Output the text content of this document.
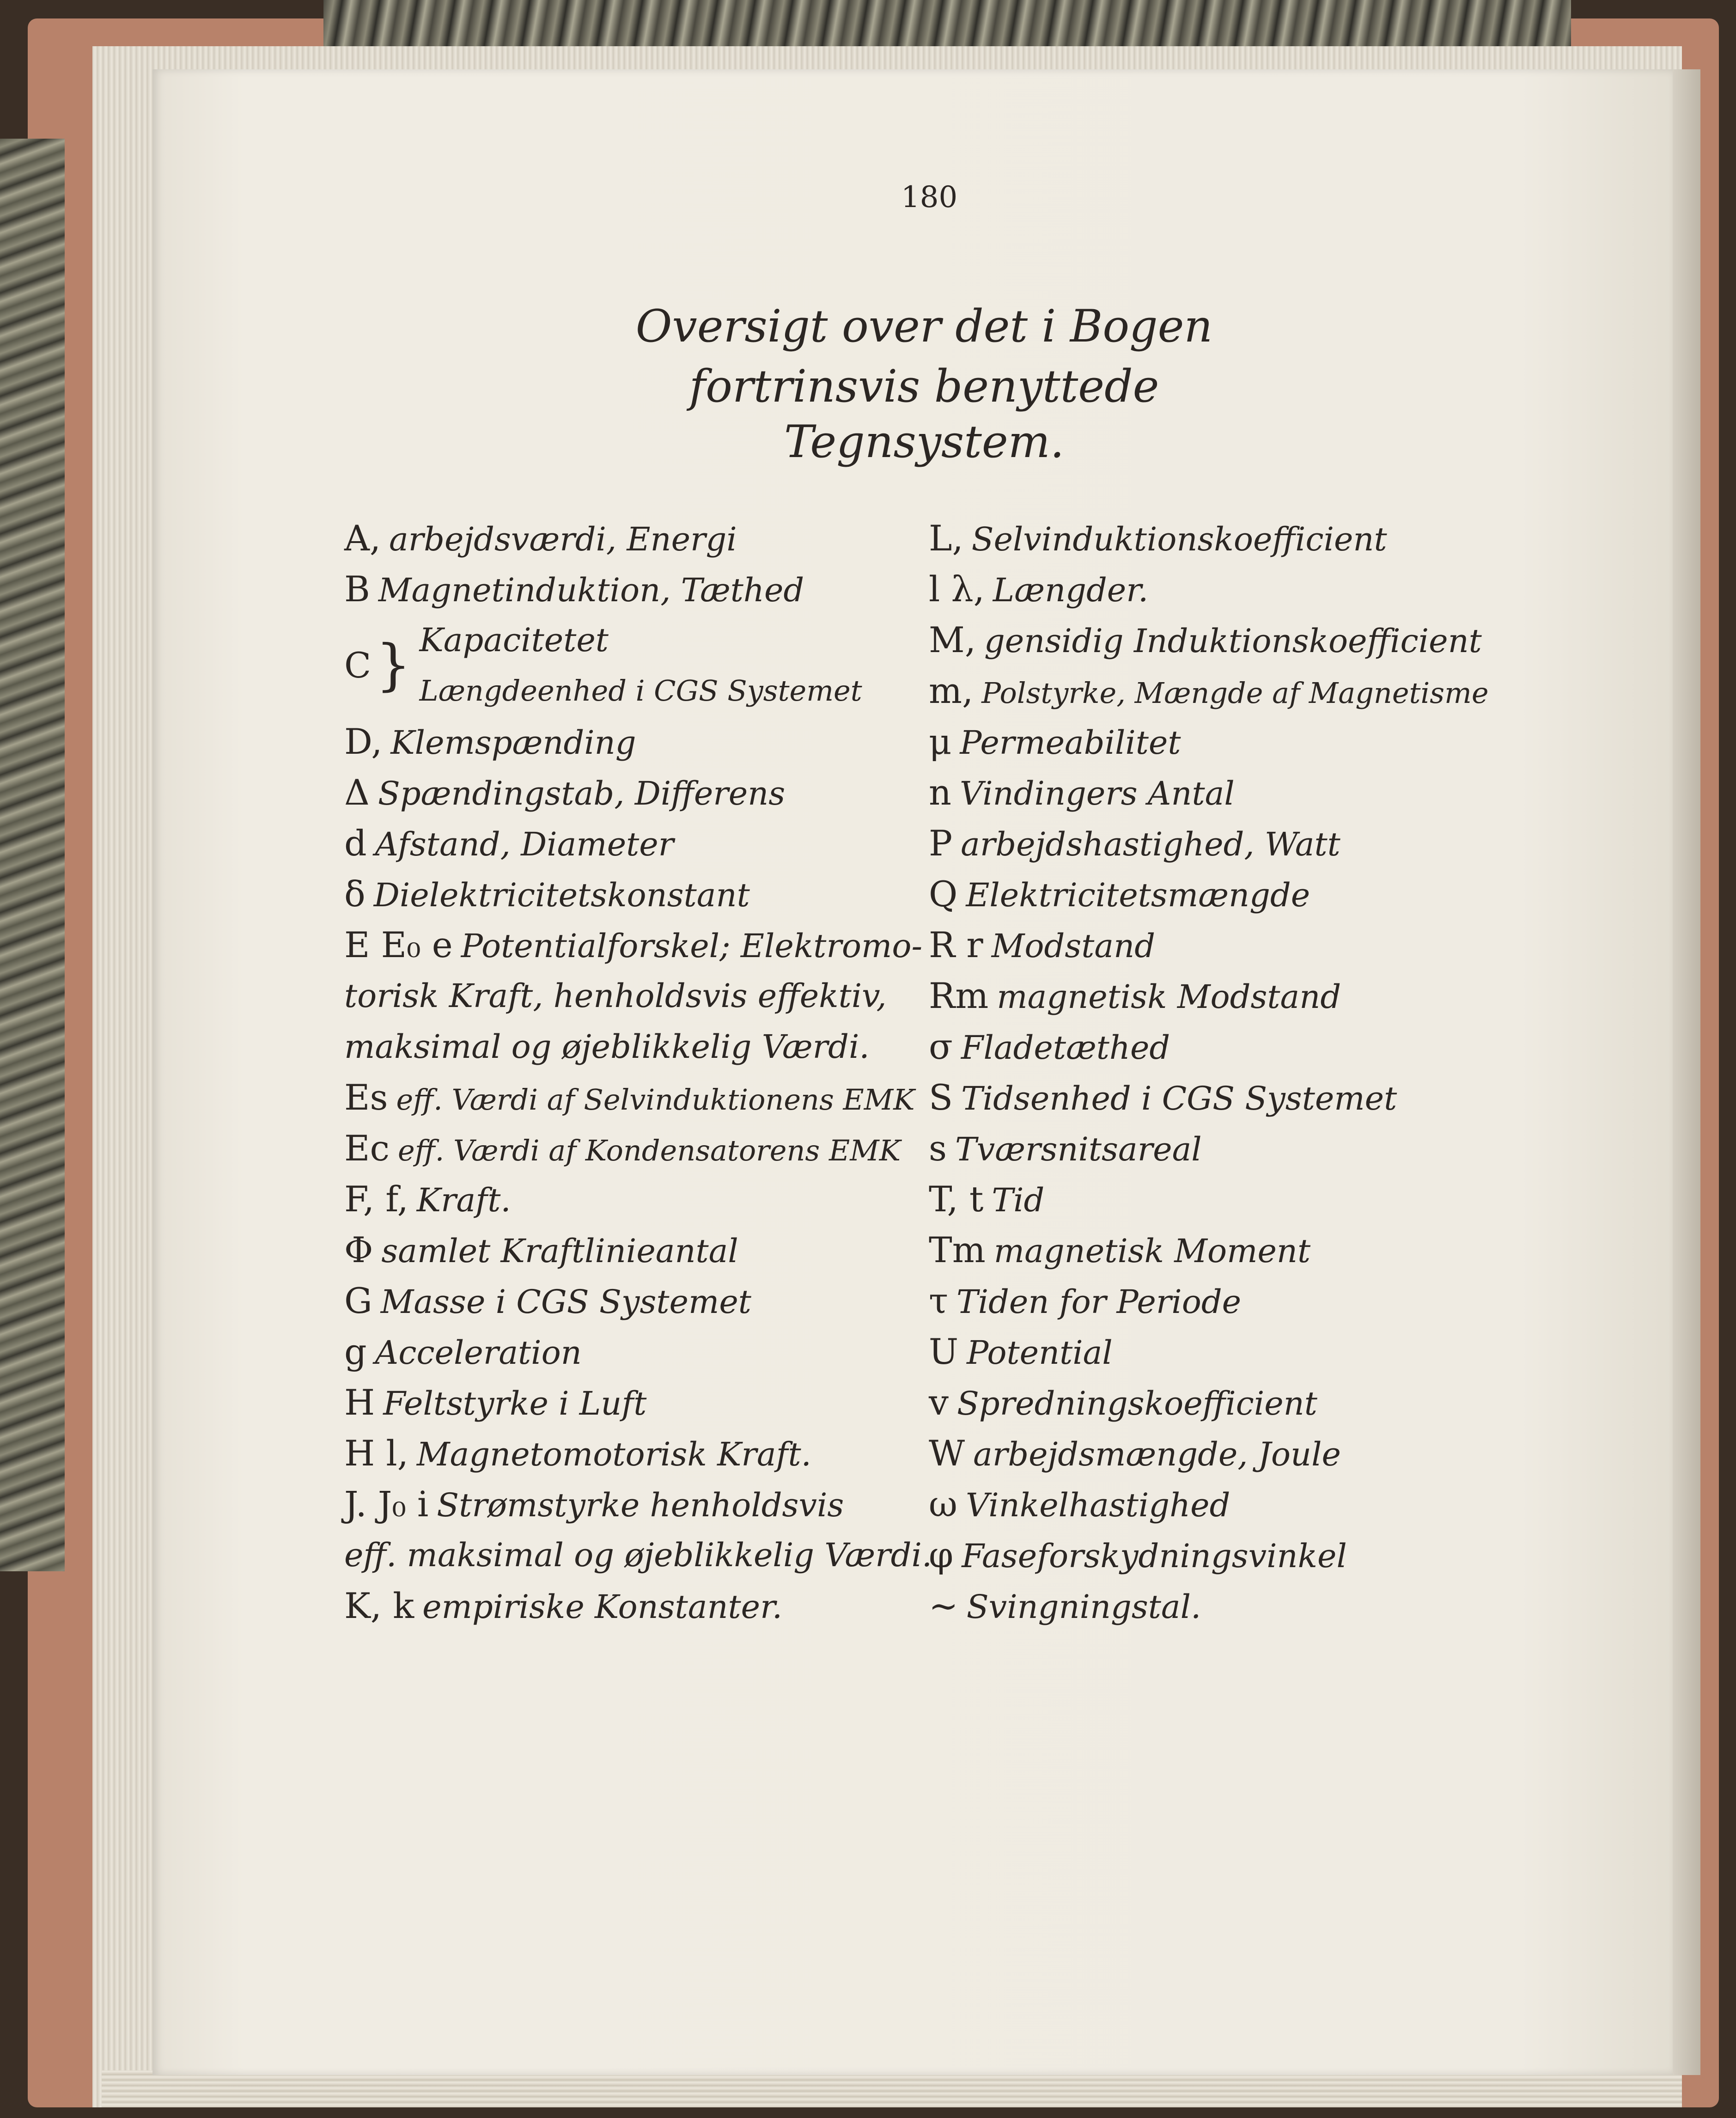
180
Oversigt over det i Bogen
fortrinsvis benyttede
Tegnsystem.
A, arbejdsværdi, Energi
B Magnetinduktion, Tæthed
C} Kapacitetet
Længdeenhed i CGS Systemet
D, Klemspænding
Δ Spændingstab, Differens
d Afstand, Diameter
δ Dielektricitetskonstant
E E₀ e Potentialforskel; Elektromo-
torisk Kraft, henholdsvis effektiv,
maksimal og øjeblikkelig Værdi.
Es eff. Værdi af Selvinduktionens EMK
Ec eff. Værdi af Kondensatorens EMK
F, f, Kraft.
Φ samlet Kraftlinieantal
G Masse i CGS Systemet
g Acceleration
H Feltstyrke i Luft
H l, Magnetomotorisk Kraft.
J. J₀ i Strømstyrke henholdsvis
eff. maksimal og øjeblikkelig Værdi.
K, k empiriske Konstanter.
L, Selvinduktionskoefficient
l λ, Længder.
M, gensidig Induktionskoefficient
m, Polstyrke, Mængde af Magnetisme
μ Permeabilitet
n Vindingers Antal
P arbejdshastighed, Watt
Q Elektricitetsmængde
R r Modstand
Rm magnetisk Modstand
σ Fladetæthed
S Tidsenhed i CGS Systemet
s Tværsnitsareal
T, t Tid
Tm magnetisk Moment
τ Tiden for Periode
U Potential
v Spredningskoefficient
W arbejdsmængde, Joule
ω Vinkelhastighed
φ Faseforskydningsvinkel
∼ Svingningstal.
